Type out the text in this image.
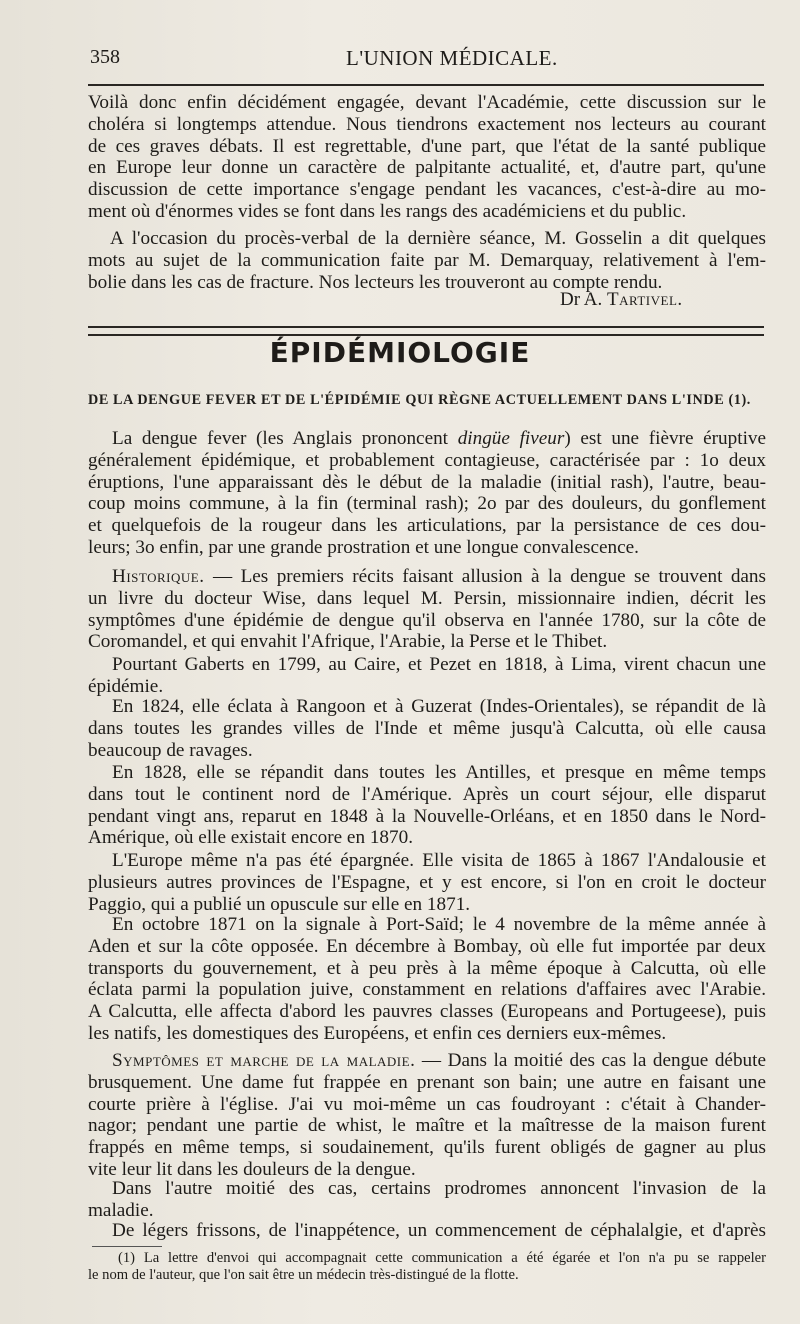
358	L'UNION MÉDICALE.

Voilà donc enfin décidément engagée, devant l'Académie, cette discussion sur le
choléra si longtemps attendue. Nous tiendrons exactement nos lecteurs au courant
de ces graves débats. Il est regrettable, d'une part, que l'état de la santé publique
en Europe leur donne un caractère de palpitante actualité, et, d'autre part, qu'une
discussion de cette importance s'engage pendant les vacances, c'est-à-dire au mo-
ment où d'énormes vides se font dans les rangs des académiciens et du public.

A l'occasion du procès-verbal de la dernière séance, M. Gosselin a dit quelques

mots au sujet de la communication faite par M. Demarquay, relativement à l'em-
bolie dans les cas de fracture. Nos lecteurs les trouveront au compte rendu.

Dr A. Tartivel.
ÉPIDÉMIOLOGIE
DE LA DENGUE FEVER ET DE L'ÉPIDÉMIE QUI RÈGNE ACTUELLEMENT DANS L'INDE (1).

La dengue fever (les Anglais prononcent dingüe fiveur) est une fièvre éruptive
généralement épidémique, et probablement contagieuse, caractérisée par : 1o deux
éruptions, l'une apparaissant dès le début de la maladie (initial rash), l'autre, beau-
coup moins commune, à la fin (terminal rash); 2o par des douleurs, du gonflement
et quelquefois de la rougeur dans les articulations, par la persistance de ces dou-
leurs; 3o enfin, par une grande prostration et une longue convalescence.

Historique. — Les premiers récits faisant allusion à la dengue se trouvent dans
un livre du docteur Wise, dans lequel M. Persin, missionnaire indien, décrit les
symptômes d'une épidémie de dengue qu'il observa en l'année 1780, sur la côte de
Coromandel, et qui envahit l'Afrique, l'Arabie, la Perse et le Thibet.

Pourtant Gaberts en 1799, au Caire, et Pezet en 1818, à Lima, virent chacun une
épidémie.

En 1824, elle éclata à Rangoon et à Guzerat (Indes-Orientales), se répandit de là
dans toutes les grandes villes de l'Inde et même jusqu'à Calcutta, où elle causa
beaucoup de ravages.

En 1828, elle se répandit dans toutes les Antilles, et presque en même temps
dans tout le continent nord de l'Amérique. Après un court séjour, elle disparut
pendant vingt ans, reparut en 1848 à la Nouvelle-Orléans, et en 1850 dans le Nord-
Amérique, où elle existait encore en 1870.

L'Europe même n'a pas été épargnée. Elle visita de 1865 à 1867 l'Andalousie et
plusieurs autres provinces de l'Espagne, et y est encore, si l'on en croit le docteur
Paggio, qui a publié un opuscule sur elle en 1871.

En octobre 1871 on la signale à Port-Saïd; le 4 novembre de la même année à
Aden et sur la côte opposée. En décembre à Bombay, où elle fut importée par deux
transports du gouvernement, et à peu près à la même époque à Calcutta, où elle
éclata parmi la population juive, constamment en relations d'affaires avec l'Arabie.
A Calcutta, elle affecta d'abord les pauvres classes (Europeans and Portugeese), puis
les natifs, les domestiques des Européens, et enfin ces derniers eux-mêmes.

Symptômes et marche de la maladie. — Dans la moitié des cas la dengue débute
brusquement. Une dame fut frappée en prenant son bain; une autre en faisant une
courte prière à l'église. J'ai vu moi-même un cas foudroyant : c'était à Chander-
nagor; pendant une partie de whist, le maître et la maîtresse de la maison furent
frappés en même temps, si soudainement, qu'ils furent obligés de gagner au plus
vite leur lit dans les douleurs de la dengue.

Dans l'autre moitié des cas, certains prodromes annoncent l'invasion de la
maladie.

De légers frissons, de l'inappétence, un commencement de céphalalgie, et d'après

(1) La lettre d'envoi qui accompagnait cette communication a été égarée et l'on n'a pu se rappeler
le nom de l'auteur, que l'on sait être un médecin très-distingué de la flotte.
